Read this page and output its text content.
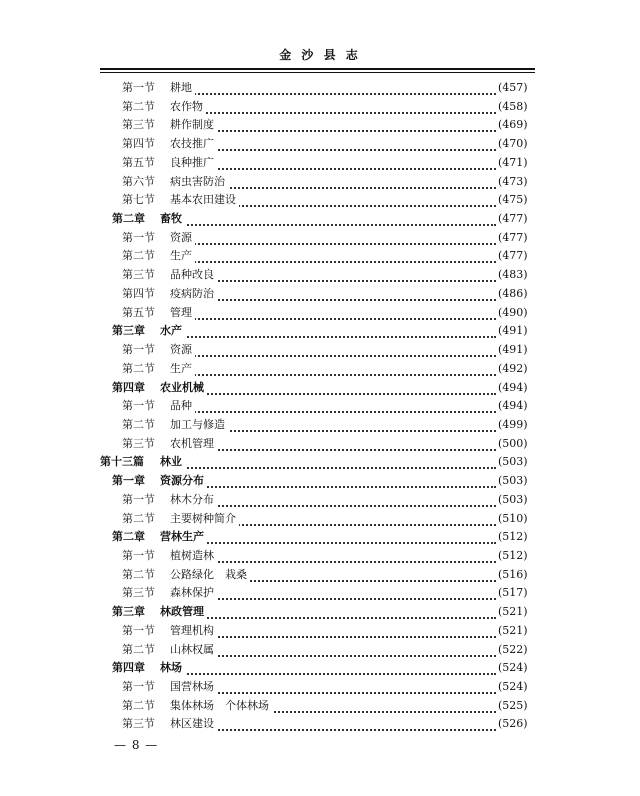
金 沙 县 志
第一节 耕地	(457)
第二节 农作物	(458)
第三节 耕作制度	(469)
第四节 农技推广	(470)
第五节 良种推广	(471)
第六节 病虫害防治	(473)
第七节 基本农田建设	(475)
第二章 畜牧	(477)
第一节 资源	(477)
第二节 生产	(477)
第三节 品种改良	(483)
第四节 疫病防治	(486)
第五节 管理	(490)
第三章 水产	(491)
第一节 资源	(491)
第二节 生产	(492)
第四章 农业机械	(494)
第一节 品种	(494)
第二节 加工与修造	(499)
第三节 农机管理	(500)
第十三篇 林业	(503)
第一章 资源分布	(503)
第一节 林木分布	(503)
第二节 主要树种简介	(510)
第二章 营林生产	(512)
第一节 植树造林	(512)
第二节 公路绿化　栽桑	(516)
第三节 森林保护	(517)
第三章 林政管理	(521)
第一节 管理机构	(521)
第二节 山林权属	(522)
第四章 林场	(524)
第一节 国营林场	(524)
第二节 集体林场　个体林场	(525)
第三节 林区建设	(526)
— 8 —
